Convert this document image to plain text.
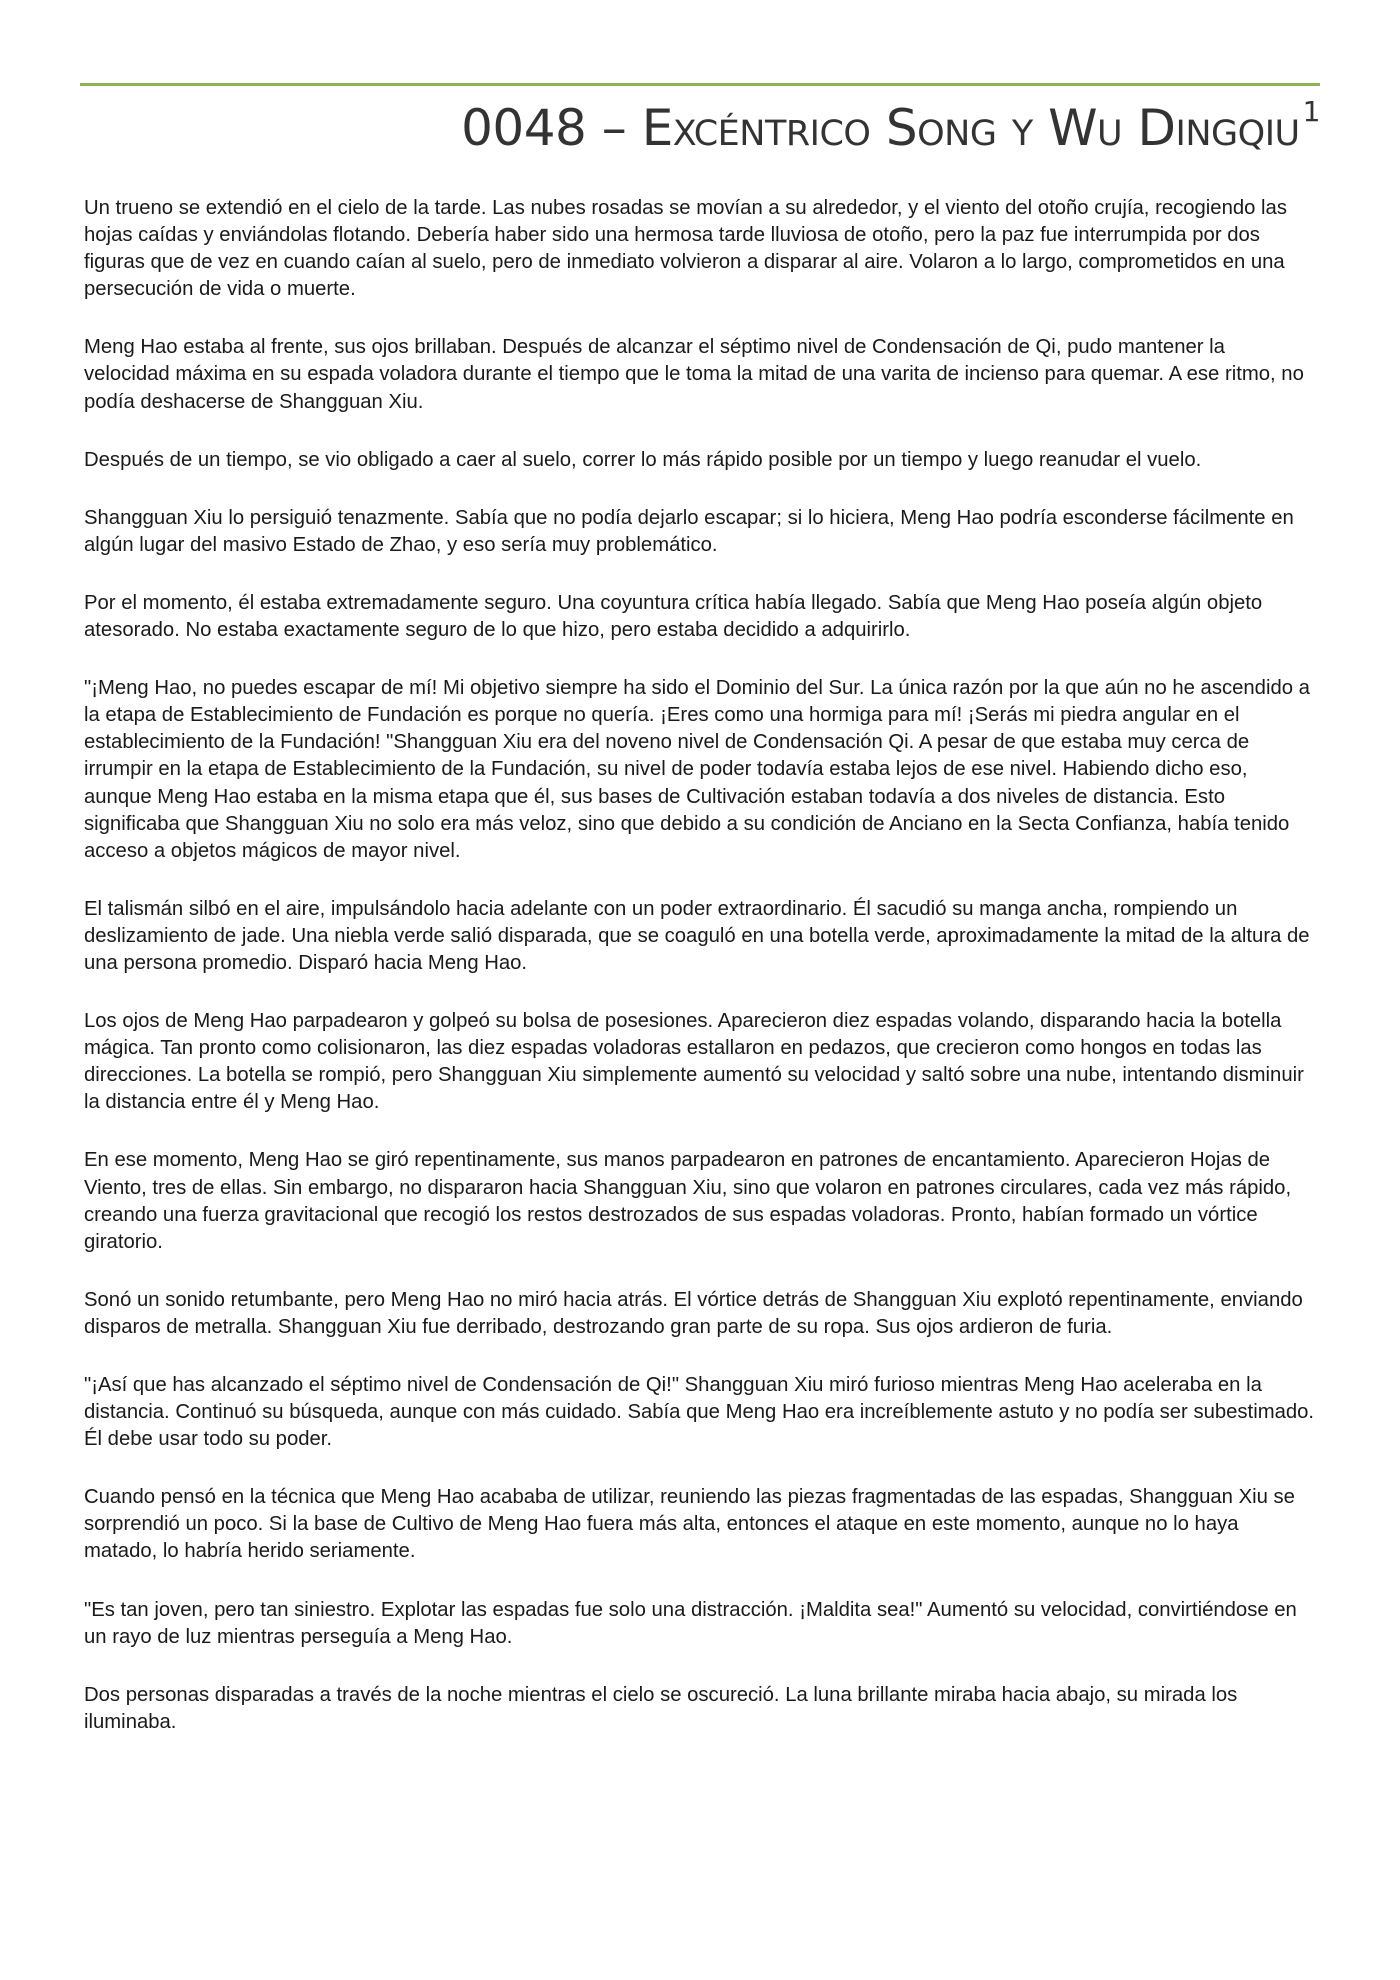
0048 – Excéntrico Song y Wu Dingqiu $^1$

Un trueno se extendió en el cielo de la tarde. Las nubes rosadas se movían a su alrededor, y el viento del otoño crujía, recogiendo las hojas caídas y enviándolas flotando. Debería haber sido una hermosa tarde lluviosa de otoño, pero la paz fue interrumpida por dos figuras que de vez en cuando caían al suelo, pero de inmediato volvieron a disparar al aire. Volaron a lo largo, comprometidos en una persecución de vida o muerte.

Meng Hao estaba al frente, sus ojos brillaban. Después de alcanzar el séptimo nivel de Condensación de Qi, pudo mantener la velocidad máxima en su espada voladora durante el tiempo que le toma la mitad de una varita de incienso para quemar. A ese ritmo, no podía deshacerse de Shangguan Xiu.

Después de un tiempo, se vio obligado a caer al suelo, correr lo más rápido posible por un tiempo y luego reanudar el vuelo.

Shangguan Xiu lo persiguió tenazmente. Sabía que no podía dejarlo escapar; si lo hiciera, Meng Hao podría esconderse fácilmente en algún lugar del masivo Estado de Zhao, y eso sería muy problemático.

Por el momento, él estaba extremadamente seguro. Una coyuntura crítica había llegado. Sabía que Meng Hao poseía algún objeto atesorado. No estaba exactamente seguro de lo que hizo, pero estaba decidido a adquirirlo.

"¡Meng Hao, no puedes escapar de mí! Mi objetivo siempre ha sido el Dominio del Sur. La única razón por la que aún no he ascendido a la etapa de Establecimiento de Fundación es porque no quería. ¡Eres como una hormiga para mí! ¡Serás mi piedra angular en el establecimiento de la Fundación! "Shangguan Xiu era del noveno nivel de Condensación Qi. A pesar de que estaba muy cerca de irrumpir en la etapa de Establecimiento de la Fundación, su nivel de poder todavía estaba lejos de ese nivel. Habiendo dicho eso, aunque Meng Hao estaba en la misma etapa que él, sus bases de Cultivación estaban todavía a dos niveles de distancia. Esto significaba que Shangguan Xiu no solo era más veloz, sino que debido a su condición de Anciano en la Secta Confianza, había tenido acceso a objetos mágicos de mayor nivel.

El talismán silbó en el aire, impulsándolo hacia adelante con un poder extraordinario. Él sacudió su manga ancha, rompiendo un deslizamiento de jade. Una niebla verde salió disparada, que se coaguló en una botella verde, aproximadamente la mitad de la altura de una persona promedio. Disparó hacia Meng Hao.

Los ojos de Meng Hao parpadearon y golpeó su bolsa de posesiones. Aparecieron diez espadas volando, disparando hacia la botella mágica. Tan pronto como colisionaron, las diez espadas voladoras estallaron en pedazos, que crecieron como hongos en todas las direcciones. La botella se rompió, pero Shangguan Xiu simplemente aumentó su velocidad y saltó sobre una nube, intentando disminuir la distancia entre él y Meng Hao.

En ese momento, Meng Hao se giró repentinamente, sus manos parpadearon en patrones de encantamiento. Aparecieron Hojas de Viento, tres de ellas. Sin embargo, no dispararon hacia Shangguan Xiu, sino que volaron en patrones circulares, cada vez más rápido, creando una fuerza gravitacional que recogió los restos destrozados de sus espadas voladoras. Pronto, habían formado un vórtice giratorio.

Sonó un sonido retumbante, pero Meng Hao no miró hacia atrás. El vórtice detrás de Shangguan Xiu explotó repentinamente, enviando disparos de metralla. Shangguan Xiu fue derribado, destrozando gran parte de su ropa. Sus ojos ardieron de furia.

"¡Así que has alcanzado el séptimo nivel de Condensación de Qi!" Shangguan Xiu miró furioso mientras Meng Hao aceleraba en la distancia. Continuó su búsqueda, aunque con más cuidado. Sabía que Meng Hao era increíblemente astuto y no podía ser subestimado. Él debe usar todo su poder.

Cuando pensó en la técnica que Meng Hao acababa de utilizar, reuniendo las piezas fragmentadas de las espadas, Shangguan Xiu se sorprendió un poco. Si la base de Cultivo de Meng Hao fuera más alta, entonces el ataque en este momento, aunque no lo haya matado, lo habría herido seriamente.

"Es tan joven, pero tan siniestro. Explotar las espadas fue solo una distracción. ¡Maldita sea!" Aumentó su velocidad, convirtiéndose en un rayo de luz mientras perseguía a Meng Hao.

Dos personas disparadas a través de la noche mientras el cielo se oscureció. La luna brillante miraba hacia abajo, su mirada los iluminaba.
